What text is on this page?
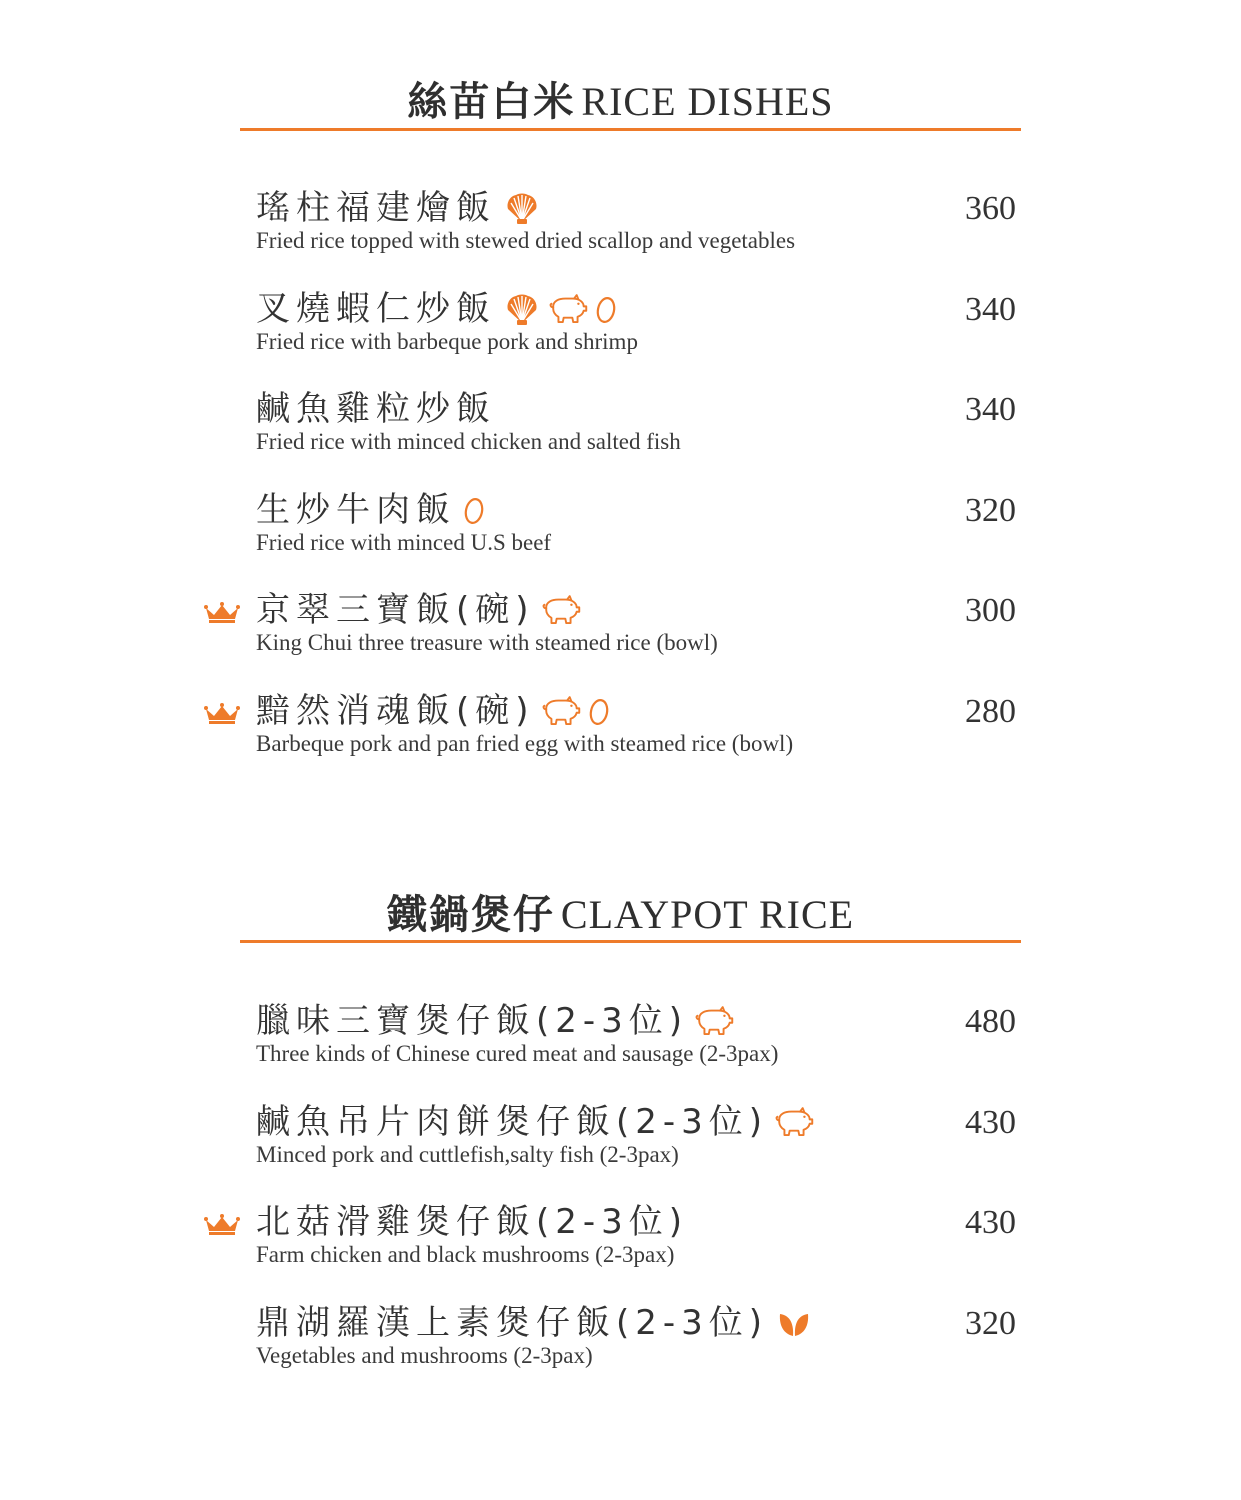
絲苗白米 RICE DISHES
瑤柱福建燴飯
Fried rice topped with stewed dried scallop and vegetables
360
叉燒蝦仁炒飯
Fried rice with barbeque pork and shrimp
340
鹹魚雞粒炒飯
Fried rice with minced chicken and salted fish
340
生炒牛肉飯
Fried rice with minced U.S beef
320
京翠三寶飯(碗)
King Chui three treasure with steamed rice (bowl)
300
黯然消魂飯(碗)
Barbeque pork and pan fried egg with steamed rice (bowl)
280
鐵鍋煲仔 CLAYPOT RICE
臘味三寶煲仔飯(2-3位)
Three kinds of Chinese cured meat and sausage (2-3pax)
480
鹹魚吊片肉餅煲仔飯(2-3位)
Minced pork and cuttlefish,salty fish (2-3pax)
430
北菇滑雞煲仔飯(2-3位)
Farm chicken and black mushrooms (2-3pax)
430
鼎湖羅漢上素煲仔飯(2-3位)
Vegetables and mushrooms (2-3pax)
320
